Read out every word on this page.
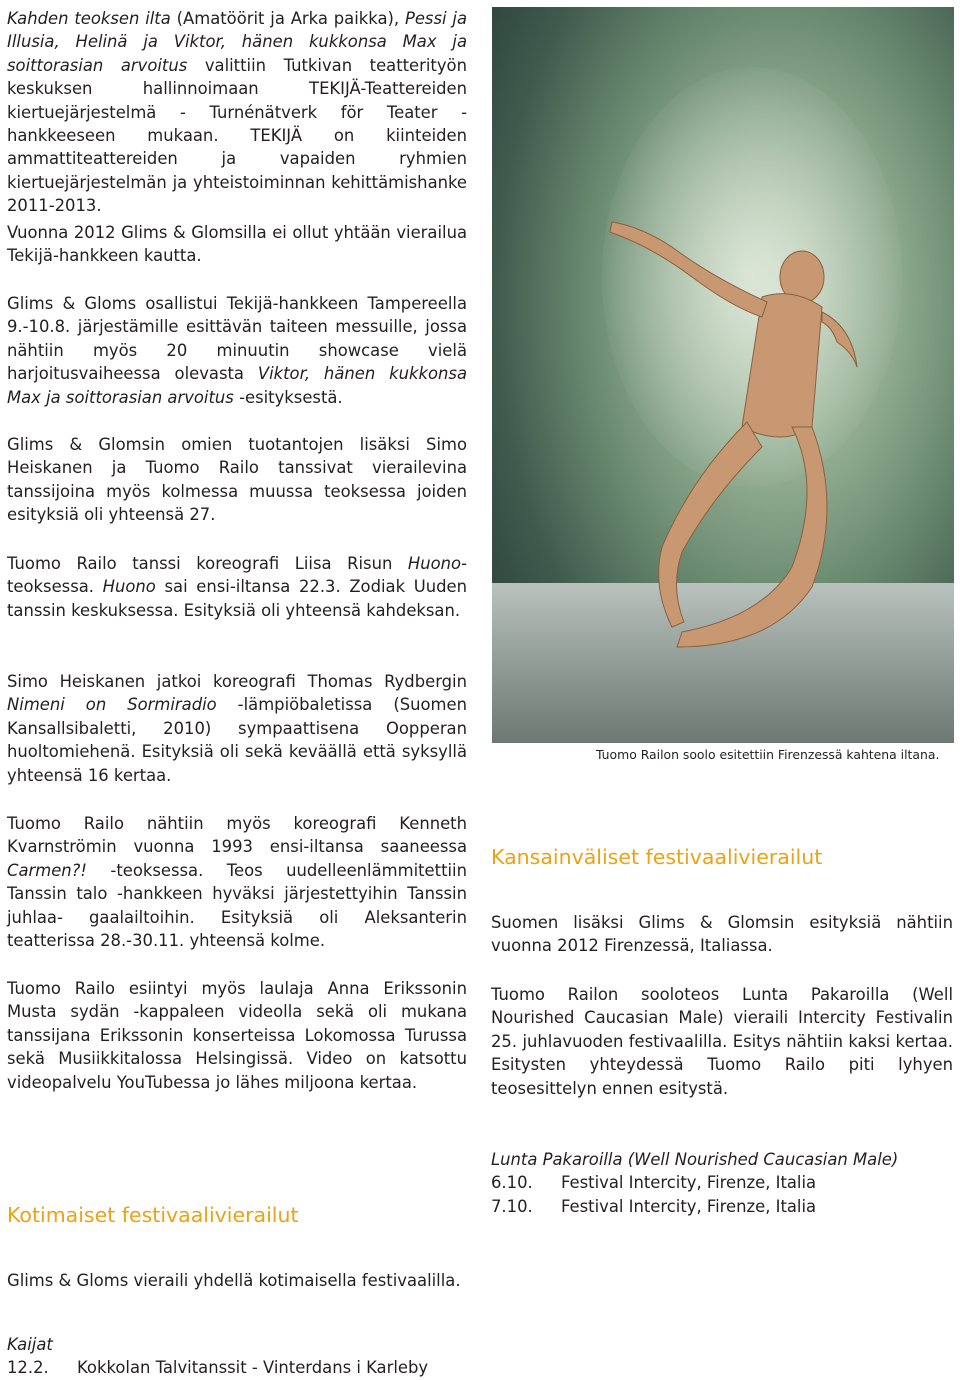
Kahden teoksen ilta (Amatöörit ja Arka paikka), Pessi ja Illusia, Helinä ja Viktor, hänen kukkonsa Max ja soittorasian arvoitus valittiin Tutkivan teatterityön keskuksen hallinnoimaan TEKIJÄ-Teattereiden kiertuejärjestelmä - Turnénätverk för Teater -hankkeeseen mukaan. TEKIJÄ on kiinteiden ammattiteattereiden ja vapaiden ryhmien kiertuejärjestelmän ja yhteistoiminnan kehittämishanke 2011-2013.

Vuonna 2012 Glims & Glomsilla ei ollut yhtään vierailua Tekijä-hankkeen kautta.

Glims & Gloms osallistui Tekijä-hankkeen Tampereella 9.-10.8. järjestämille esittävän taiteen messuille, jossa nähtiin myös 20 minuutin showcase vielä harjoitusvaiheessa olevasta Viktor, hänen kukkonsa Max ja soittorasian arvoitus -esityksestä.

Glims & Glomsin omien tuotantojen lisäksi Simo Heiskanen ja Tuomo Railo tanssivat vierailevina tanssijoina myös kolmessa muussa teoksessa joiden esityksiä oli yhteensä 27.

Tuomo Railo tanssi koreografi Liisa Risun Huono-teoksessa. Huono sai ensi-iltansa 22.3. Zodiak Uuden tanssin keskuksessa. Esityksiä oli yhteensä kahdeksan.

Simo Heiskanen jatkoi koreografi Thomas Rydbergin Nimeni on Sormiradio -lämpiöbaletissa (Suomen Kansallsibaletti, 2010) sympaattisena Oopperan huoltomiehenä. Esityksiä oli sekä keväällä että syksyllä yhteensä 16 kertaa.

Tuomo Railo nähtiin myös koreografi Kenneth Kvarnströmin vuonna 1993 ensi-iltansa saaneessa Carmen?! -teoksessa. Teos uudelleenlämmitettiin Tanssin talo -hankkeen hyväksi järjestettyihin Tanssin juhlaa- gaalailtoihin. Esityksiä oli Aleksanterin teatterissa 28.-30.11. yhteensä kolme.

Tuomo Railo esiintyi myös laulaja Anna Erikssonin Musta sydän -kappaleen videolla sekä oli mukana tanssijana Erikssonin konserteissa Lokomossa Turussa sekä Musiikkitalossa Helsingissä. Video on katsottu videopalvelu YouTubessa jo lähes miljoona kertaa.

Kotimaiset festivaalivierailut

Glims & Gloms vieraili yhdellä kotimaisella festivaalilla.

Kaijat
12.2.	Kokkolan Talvitanssit - Vinterdans i Karleby
Tuomo Railon soolo esitettiin Firenzessä kahtena iltana.
Kansainväliset festivaalivierailut

Suomen lisäksi Glims & Glomsin esityksiä nähtiin vuonna 2012 Firenzessä, Italiassa.

Tuomo Railon sooloteos Lunta Pakaroilla (Well Nourished Caucasian Male) vieraili Intercity Festivalin 25. juhlavuoden festivaalilla. Esitys nähtiin kaksi kertaa. Esitysten yhteydessä Tuomo Railo piti lyhyen teosesittelyn ennen esitystä.

Lunta Pakaroilla (Well Nourished Caucasian Male)
6.10.	Festival Intercity, Firenze, Italia
7.10.	Festival Intercity, Firenze, Italia
